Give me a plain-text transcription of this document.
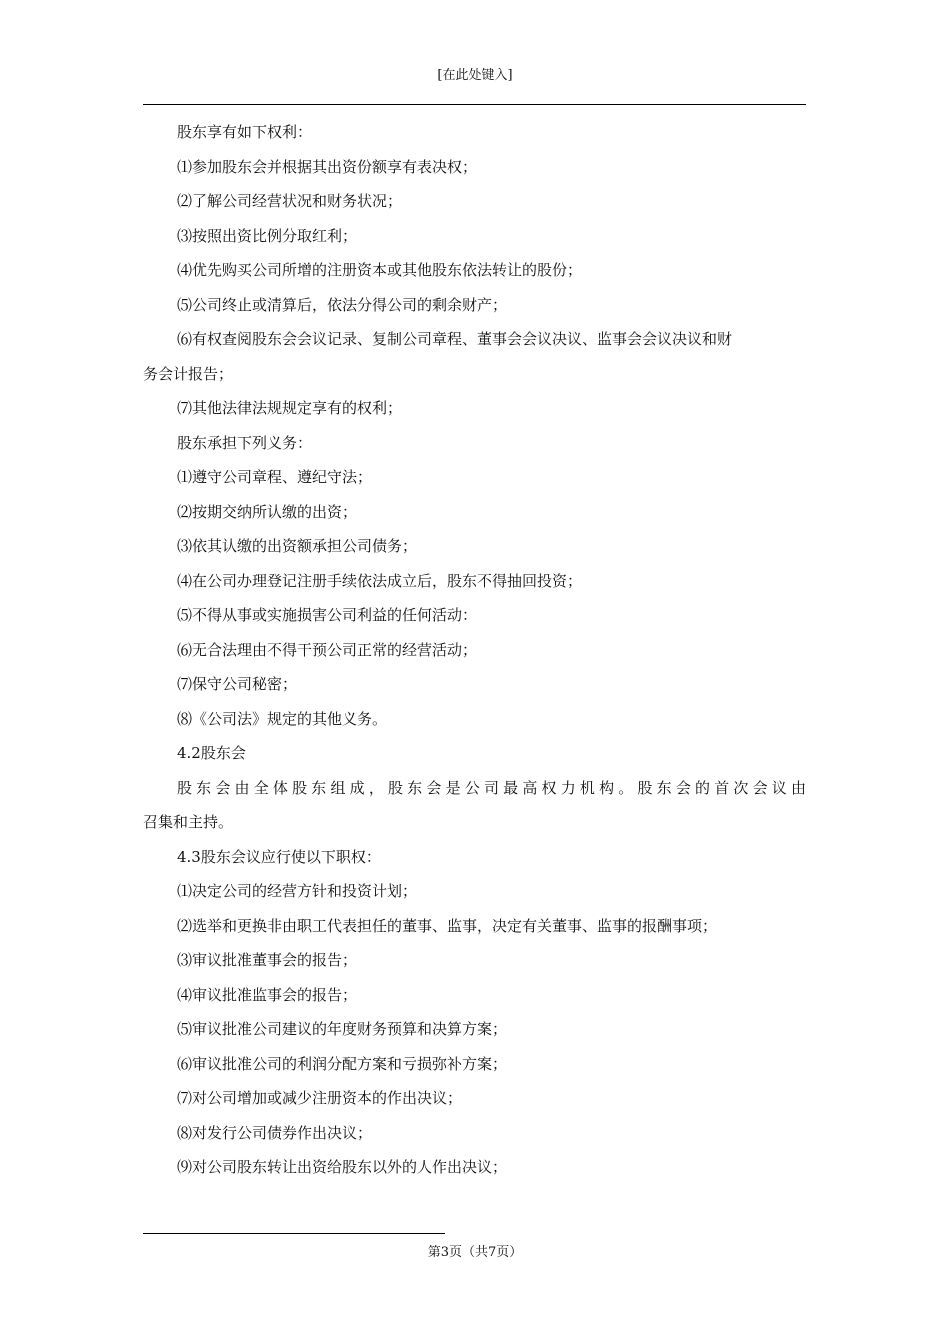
[在此处键入]
股东享有如下权利：
⑴参加股东会并根据其出资份额享有表决权；
⑵了解公司经营状况和财务状况；
⑶按照出资比例分取红利；
⑷优先购买公司所增的注册资本或其他股东依法转让的股份；
⑸公司终止或清算后，依法分得公司的剩余财产；
⑹有权查阅股东会会议记录、复制公司章程、董事会会议决议、监事会会议决议和财
务会计报告；
⑺其他法律法规规定享有的权利；
股东承担下列义务：
⑴遵守公司章程、遵纪守法；
⑵按期交纳所认缴的出资；
⑶依其认缴的出资额承担公司债务；
⑷在公司办理登记注册手续依法成立后，股东不得抽回投资；
⑸不得从事或实施损害公司利益的任何活动：
⑹无合法理由不得干预公司正常的经营活动；
⑺保守公司秘密；
⑻《公司法》规定的其他义务。
4.2股东会
股东会由全体股东组成，股东会是公司最高权力机构。股东会的首次会议由
召集和主持。
4.3股东会议应行使以下职权：
⑴决定公司的经营方针和投资计划；
⑵选举和更换非由职工代表担任的董事、监事，决定有关董事、监事的报酬事项；
⑶审议批准董事会的报告；
⑷审议批准监事会的报告；
⑸审议批准公司建议的年度财务预算和决算方案；
⑹审议批准公司的利润分配方案和亏损弥补方案；
⑺对公司增加或减少注册资本的作出决议；
⑻对发行公司债券作出决议；
⑼对公司股东转让出资给股东以外的人作出决议；
第3页（共7页）
